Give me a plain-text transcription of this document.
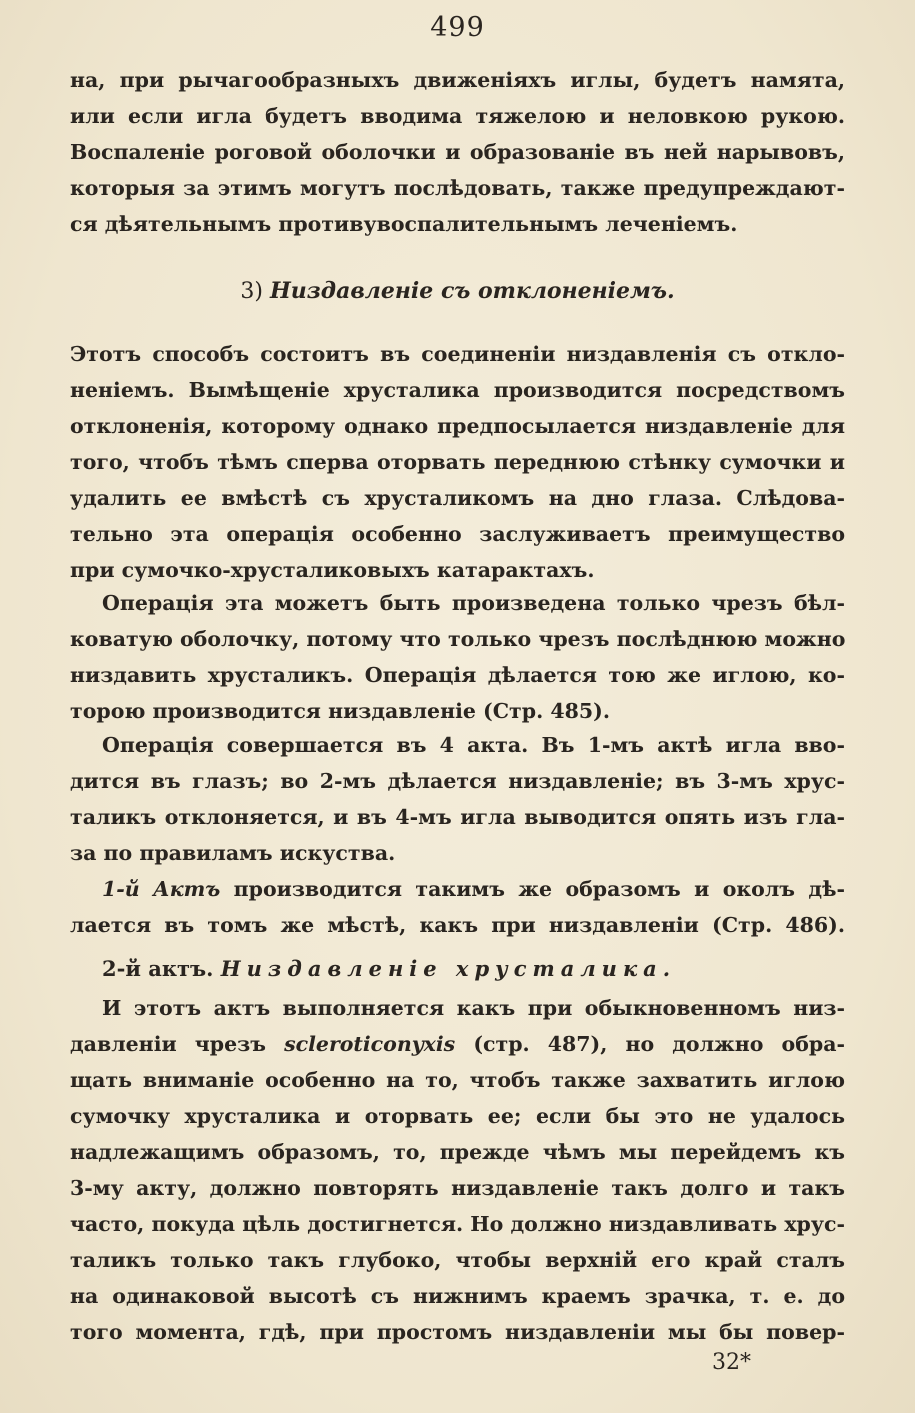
499
на, при рычагообразныхъ движеніяхъ иглы, будетъ намята,
или если игла будетъ вводима тяжелою и неловкою рукою.
Воспаленіе роговой оболочки и образованіе въ ней нарывовъ,
которыя за этимъ могутъ послѣдовать, также предупреждают-
ся дѣятельнымъ противувоспалительнымъ леченіемъ.
3) Низдавленіе съ отклоненіемъ.
Этотъ способъ состоитъ въ соединеніи низдавленія съ откло-
неніемъ. Вымѣщеніе хрусталика производится посредствомъ
отклоненія, которому однако предпосылается низдавленіе для
того, чтобъ тѣмъ сперва оторвать переднюю стѣнку сумочки и
удалить ее вмѣстѣ съ хрусталикомъ на дно глаза. Слѣдова-
тельно эта операція особенно заслуживаетъ преимущество
при сумочко-хрусталиковыхъ катарактахъ.
Операція эта можетъ быть произведена только чрезъ бѣл-
коватую оболочку, потому что только чрезъ послѣднюю можно
низдавить хрусталикъ. Операція дѣлается тою же иглою, ко-
торою производится низдавленіе (Стр. 485).
Операція совершается въ 4 акта. Въ 1-мъ актѣ игла вво-
дится въ глазъ; во 2-мъ дѣлается низдавленіе; въ 3-мъ хрус-
таликъ отклоняется, и въ 4-мъ игла выводится опять изъ гла-
за по правиламъ искуства.
1-й Актъ производится такимъ же образомъ и околъ дѣ-
лается въ томъ же мѣстѣ, какъ при низдавленіи (Стр. 486).
2-й актъ. Низдавленіе хрусталика.
И этотъ актъ выполняется какъ при обыкновенномъ низ-
давленіи чрезъ scleroticonyxis (стр. 487), но должно обра-
щать вниманіе особенно на то, чтобъ также захватить иглою
сумочку хрусталика и оторвать ее; если бы это не удалось
надлежащимъ образомъ, то, прежде чѣмъ мы перейдемъ къ
3-му акту, должно повторять низдавленіе такъ долго и такъ
часто, покуда цѣль достигнется. Но должно низдавливать хрус-
таликъ только такъ глубоко, чтобы верхній его край сталъ
на одинаковой высотѣ съ нижнимъ краемъ зрачка, т. е. до
того момента, гдѣ, при простомъ низдавленіи мы бы повер-
32*
